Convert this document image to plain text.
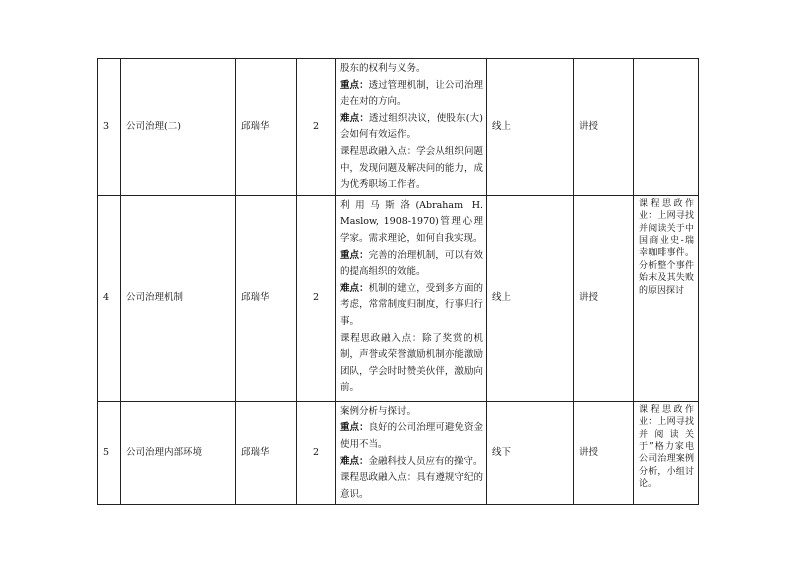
3	公司治理(二)	邱瑞华	2	股东的权利与义务。

重点：透过管理机制，让公司治理走在对的方向。

难点：透过组织决议，使股东(大)会如何有效运作。

课程思政融入点：学会从组织问题中，发现问题及解决问的能力，成为优秀职场工作者。	线上	讲授	

4	公司治理机制	邱瑞华	2	利用马斯洛(Abraham H. Maslow, 1908-1970)管理心理学家。需求理论，如何自我实现。

重点：完善的治理机制，可以有效的提高组织的效能。

难点：机制的建立，受到多方面的考虑，常常制度归制度，行事归行事。

课程思政融入点：除了奖赏的机制，声誉或荣誉激励机制亦能激励团队，学会时时赞美伙伴，激励向前。	线上	讲授	课程思政作业：上网寻找并阅读关于中国商业史-瑞幸咖啡事件。分析整个事件始末及其失败的原因探讨

5	公司治理内部环境	邱瑞华	2	案例分析与探讨。

重点：良好的公司治理可避免资金使用不当。

难点：金融科技人员应有的操守。

课程思政融入点：具有遵规守纪的意识。	线下	讲授	课程思政作业：上网寻找并阅读关于”格力家电公司治理案例分析，小组讨论。
